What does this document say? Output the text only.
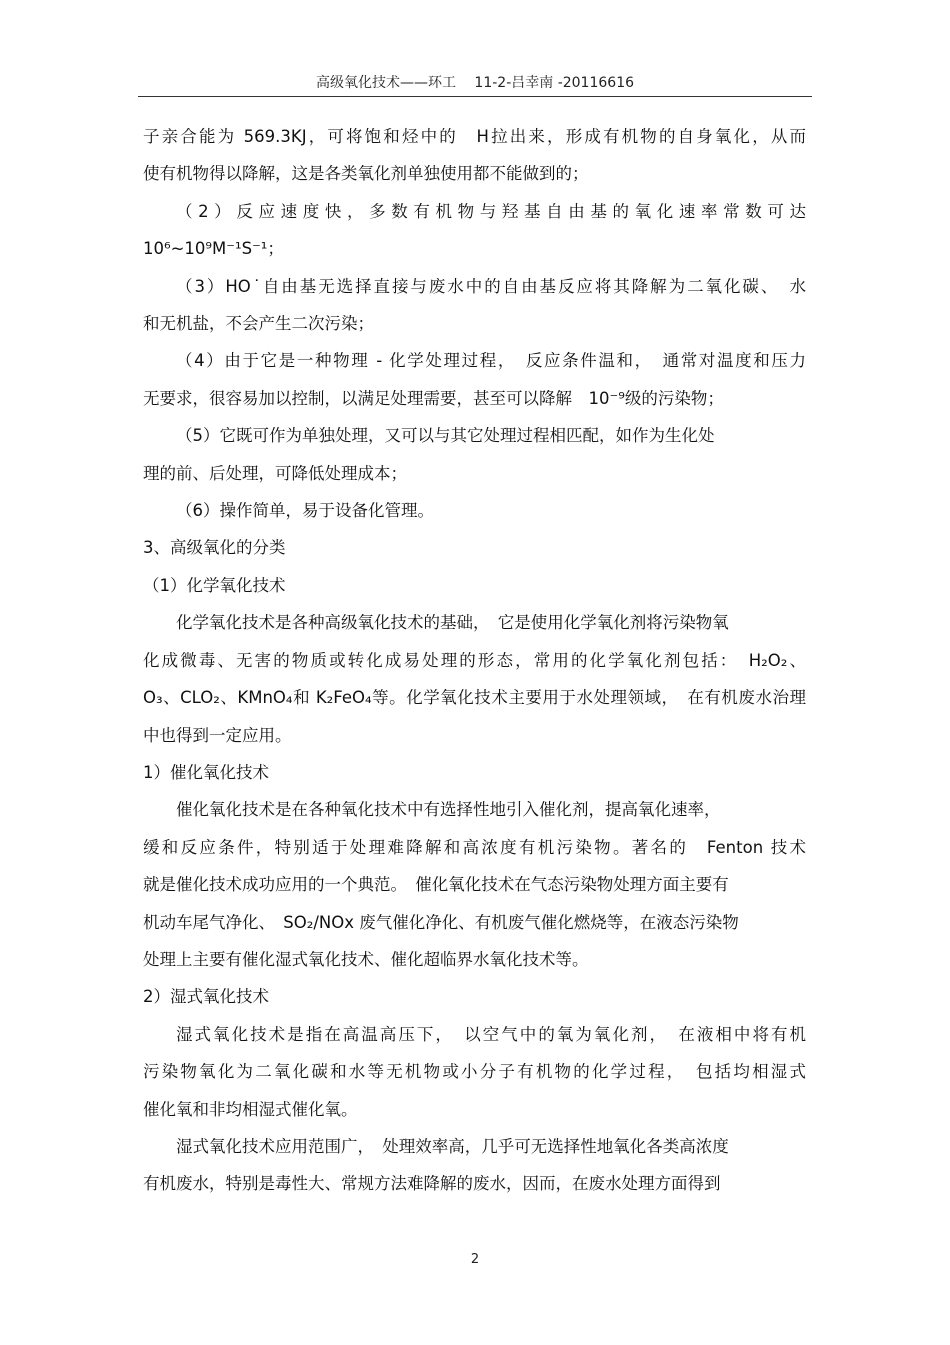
高级氧化技术——环工　 11-2-吕幸南 -20116616

子亲合能为 569.3KJ，可将饱和烃中的　H拉出来，形成有机物的自身氧化，从而

使有机物得以降解，这是各类氧化剂单独使用都不能做到的；

（2）反应速度快，多数有机物与羟基自由基的氧化速率常数可达

10⁶~10⁹M⁻¹S⁻¹；

（3）HO˙自由基无选择直接与废水中的自由基反应将其降解为二氧化碳、　水

和无机盐，不会产生二次污染；

（4）由于它是一种物理 - 化学处理过程，　反应条件温和，　通常对温度和压力

无要求，很容易加以控制，以满足处理需要，甚至可以降解　10⁻⁹级的污染物；

（5）它既可作为单独处理，又可以与其它处理过程相匹配，如作为生化处

理的前、后处理，可降低处理成本；

（6）操作简单，易于设备化管理。

3、高级氧化的分类

（1）化学氧化技术

化学氧化技术是各种高级氧化技术的基础，　它是使用化学氧化剂将污染物氧

化成微毒、无害的物质或转化成易处理的形态，常用的化学氧化剂包括：　H₂O₂、

O₃、CLO₂、KMnO₄和 K₂FeO₄等。化学氧化技术主要用于水处理领域，　在有机废水治理

中也得到一定应用。

1）催化氧化技术

催化氧化技术是在各种氧化技术中有选择性地引入催化剂，提高氧化速率，

缓和反应条件，特别适于处理难降解和高浓度有机污染物。著名的　Fenton 技术

就是催化技术成功应用的一个典范。　催化氧化技术在气态污染物处理方面主要有

机动车尾气净化、　SO₂/NOx 废气催化净化、有机废气催化燃烧等，在液态污染物

处理上主要有催化湿式氧化技术、催化超临界水氧化技术等。

2）湿式氧化技术

湿式氧化技术是指在高温高压下，　以空气中的氧为氧化剂，　在液相中将有机

污染物氧化为二氧化碳和水等无机物或小分子有机物的化学过程，　包括均相湿式

催化氧和非均相湿式催化氧。

湿式氧化技术应用范围广，　处理效率高，几乎可无选择性地氧化各类高浓度

有机废水，特别是毒性大、常规方法难降解的废水，因而，在废水处理方面得到

2
